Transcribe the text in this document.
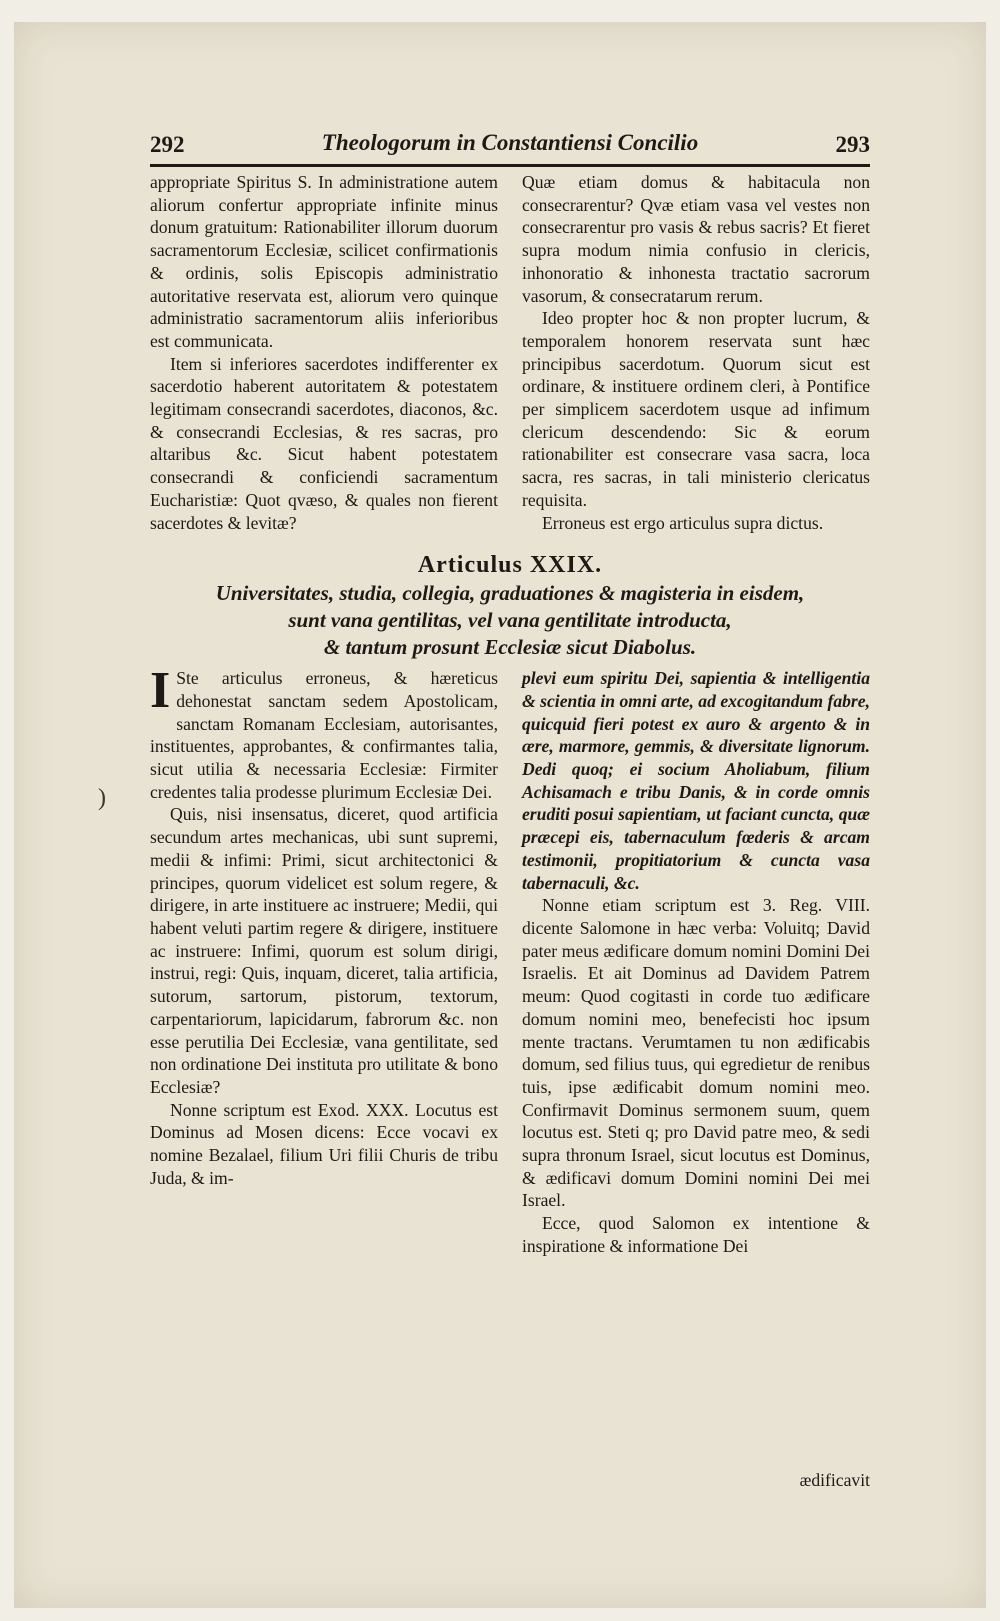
292	Theologorum in Constantiensi Concilio	293

appropriate Spiritus S. In administratione autem aliorum confertur appropriate infinite minus donum gratuitum: Rationabiliter illorum duorum sacramentorum Ecclesiæ, scilicet confirmationis & ordinis, solis Episcopis administratio autoritative reservata est, aliorum vero quinque administratio sacramentorum aliis inferioribus est communicata.

Item si inferiores sacerdotes indifferenter ex sacerdotio haberent autoritatem & potestatem legitimam consecrandi sacerdotes, diaconos, &c. & consecrandi Ecclesias, & res sacras, pro altaribus &c. Sicut habent potestatem consecrandi & conficiendi sacramentum Eucharistiæ: Quot qvæso, & quales non fierent sacerdotes & levitæ?

Quæ etiam domus & habitacula non consecrarentur? Qvæ etiam vasa vel vestes non consecrarentur pro vasis & rebus sacris? Et fieret supra modum nimia confusio in clericis, inhonoratio & inhonesta tractatio sacrorum vasorum, & consecratarum rerum.

Ideo propter hoc & non propter lucrum, & temporalem honorem reservata sunt hæc principibus sacerdotum. Quorum sicut est ordinare, & instituere ordinem cleri, à Pontifice per simplicem sacerdotem usque ad infimum clericum descendendo: Sic & eorum rationabiliter est consecrare vasa sacra, loca sacra, res sacras, in tali ministerio clericatus requisita.

Erroneus est ergo articulus supra dictus.

Articulus XXIX.
Universitates, studia, collegia, graduationes & magisteria in eisdem,
sunt vana gentilitas, vel vana gentilitate introducta,
& tantum prosunt Ecclesiæ sicut Diabolus.

I Ste articulus erroneus, & hæreticus dehonestat sanctam sedem Apostolicam, sanctam Romanam Ecclesiam, autorisantes, instituentes, approbantes, & confirmantes talia, sicut utilia & necessaria Ecclesiæ: Firmiter credentes talia prodesse plurimum Ecclesiæ Dei.

Quis, nisi insensatus, diceret, quod artificia secundum artes mechanicas, ubi sunt supremi, medii & infimi: Primi, sicut architectonici & principes, quorum videlicet est solum regere, & dirigere, in arte instituere ac instruere; Medii, qui habent veluti partim regere & dirigere, instituere ac instruere: Infimi, quorum est solum dirigi, instrui, regi: Quis, inquam, diceret, talia artificia, sutorum, sartorum, pistorum, textorum, carpentariorum, lapicidarum, fabrorum &c. non esse perutilia Dei Ecclesiæ, vana gentilitate, sed non ordinatione Dei instituta pro utilitate & bono Ecclesiæ?

Nonne scriptum est Exod. XXX. Locutus est Dominus ad Mosen dicens: Ecce vocavi ex nomine Bezalael, filium Uri filii Churis de tribu Juda, & im-

plevi eum spiritu Dei, sapientia & intelligentia & scientia in omni arte, ad excogitandum fabre, quicquid fieri potest ex auro & argento & in ære, marmore, gemmis, & diversitate lignorum. Dedi quoq; ei socium Aholiabum, filium Achisamach e tribu Danis, & in corde omnis eruditi posui sapientiam, ut faciant cuncta, quæ præcepi eis, tabernaculum fœderis & arcam testimonii, propitiatorium & cuncta vasa tabernaculi, &c.

Nonne etiam scriptum est 3. Reg. VIII. dicente Salomone in hæc verba: Voluitq; David pater meus ædificare domum nomini Domini Dei Israelis. Et ait Dominus ad Davidem Patrem meum: Quod cogitasti in corde tuo ædificare domum nomini meo, benefecisti hoc ipsum mente tractans. Verumtamen tu non ædificabis domum, sed filius tuus, qui egredietur de renibus tuis, ipse ædificabit domum nomini meo. Confirmavit Dominus sermonem suum, quem locutus est. Steti q; pro David patre meo, & sedi supra thronum Israel, sicut locutus est Dominus, & ædificavi domum Domini nomini Dei mei Israel.

Ecce, quod Salomon ex intentione & inspiratione & informatione Dei

)
ædificavit
